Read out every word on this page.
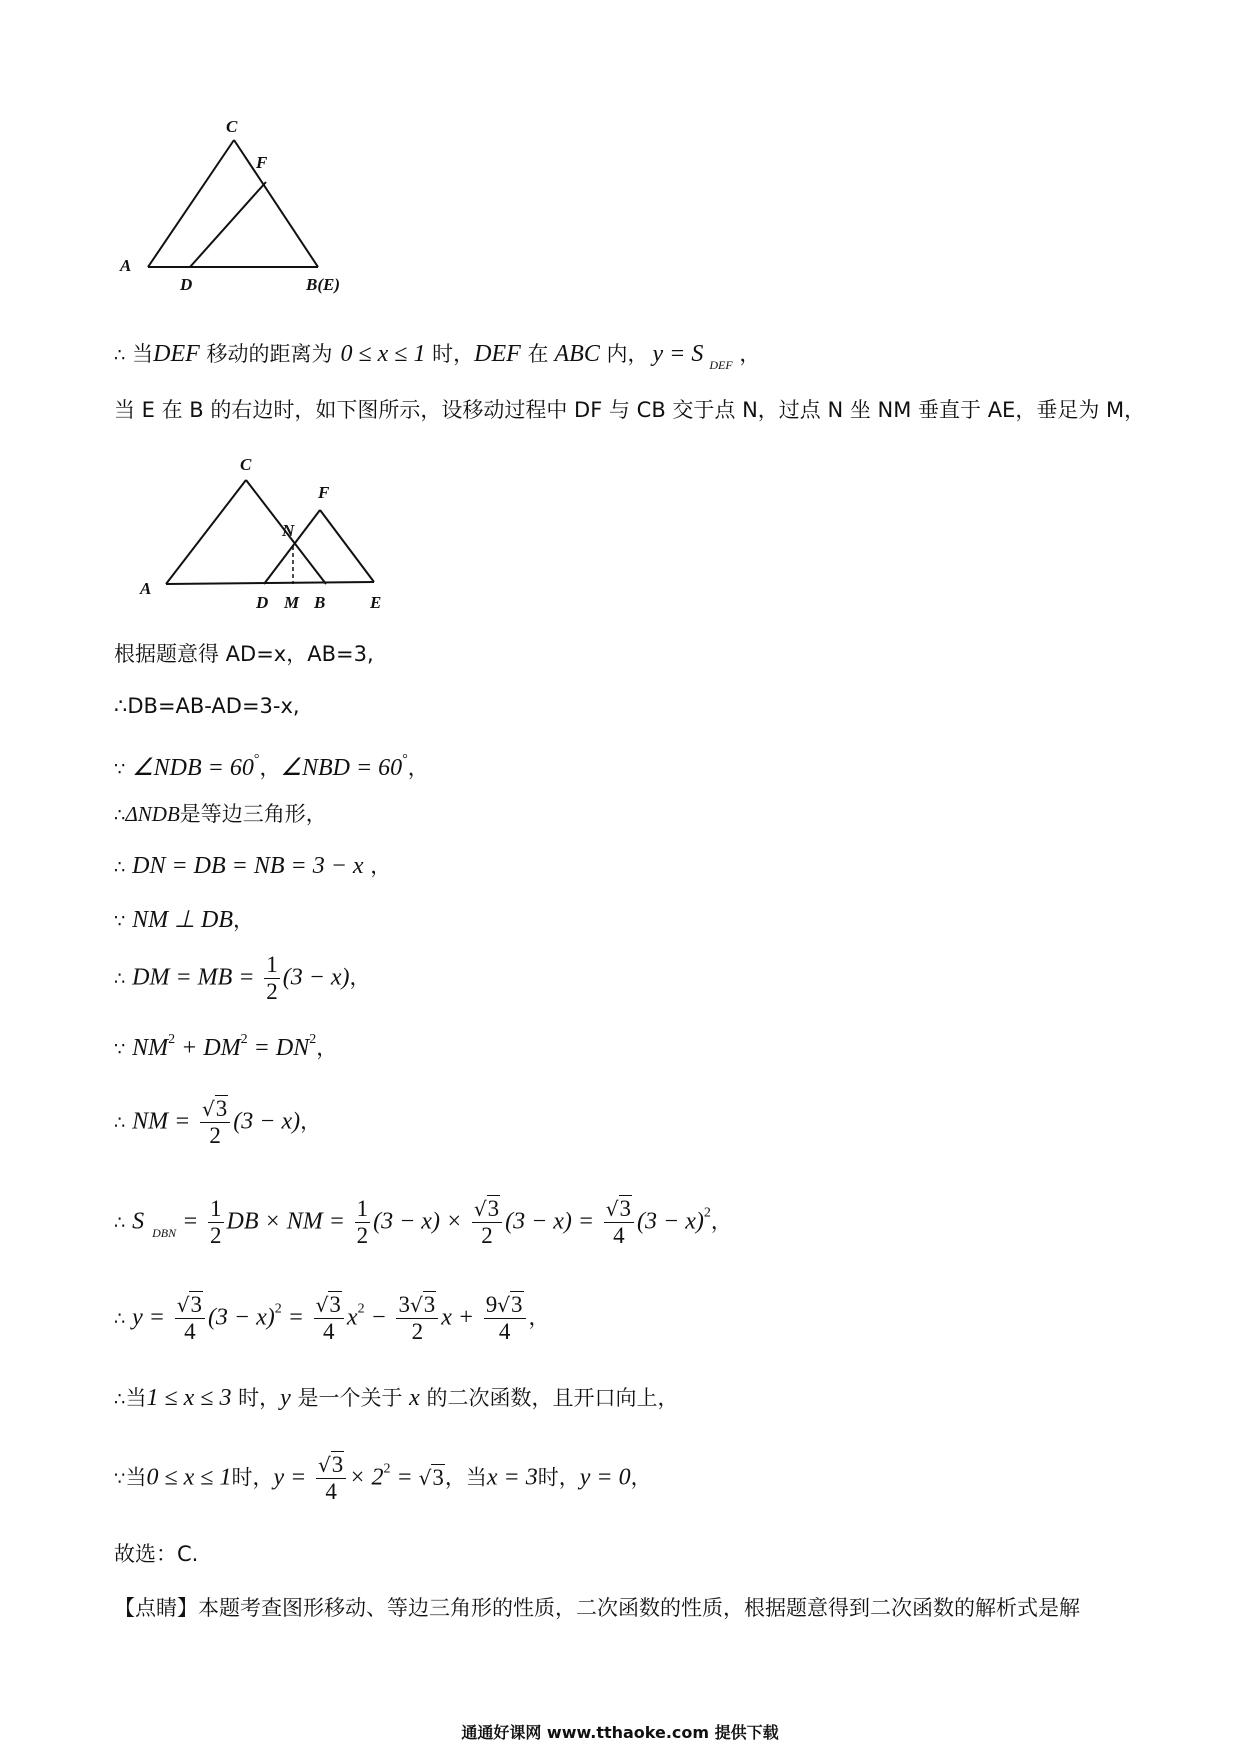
C
F
A
D	B(E)
∴ 当DEF 移动的距离为 0 ≤ x ≤ 1 时，DEF 在 ABC 内， y = S $_{DEF}$ ，
当 E 在 B 的右边时，如下图所示，设移动过程中 DF 与 CB 交于点 N，过点 N 坐 NM 垂直于 AE，垂足为 M，
C
F
N
A
D M B	E
根据题意得 AD=x，AB=3,
∴DB=AB-AD=3-x,
∵ ∠NDB = 60°，∠NBD = 60°，
∴ΔNDB是等边三角形，
∴ DN = DB = NB = 3 − x ，
∵ NM ⊥ DB，
∴ DM = MB = $\frac{1}{2} (3 - x)$，
∵ $NM^2 + DM^2 = DN^2$，
∴ NM = $\frac{√3}{2} (3 - x)$，
∴ S $_{DBN} = \frac{1}{2}$ DB × NM = $\frac{1}{2} (3 - x) \times \frac{√3}{2} (3 - x) = \frac{√3}{4} (3 - x)^2$，
∴ $y = \frac{√3}{4} (3 - x)^2 = \frac{√3}{4} x^2 - \frac{3√3}{2}$ $x + \frac{9√3}{4}$ ，
∴当1 ≤ x ≤ 3 时，y 是一个关于 x 的二次函数，且开口向上，
∵当0 ≤ x ≤ 1时，$y = \frac{√3}{4} \times 2^2 = √3$，当x = 3时，y = 0，
故选：C.
【点睛】本题考查图形移动、等边三角形的性质，二次函数的性质，根据题意得到二次函数的解析式是解
通通好课网 www.tthaoke.com 提供下载
